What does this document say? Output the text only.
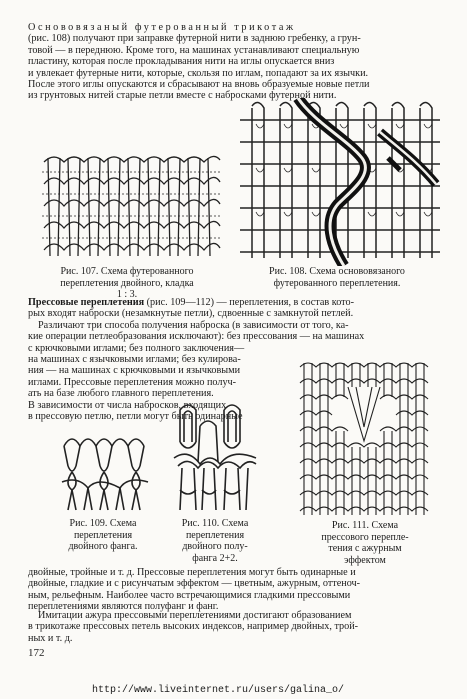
Основовязаный футерованный трикотаж
(рис. 108) получают при заправке футерной нити в заднюю гребенку, а грун-
товой — в переднюю. Кроме того, на машинах устанавливают специальную
пластину, которая после прокладывания нити на иглы опускается вниз
и увлекает футерные нити, которые, скользя по иглам, попадают за их язычки.
После этого иглы опускаются и сбрасывают на вновь образуемые новые петли
из грунтовых нитей старые петли вместе с набросками футерной нити.
Рис. 107. Схема футерованного
переплетения двойного, кладка
1 : 3.
Рис. 108. Схема основовязаного
футерованного переплетения.
Прессовые переплетения (рис. 109—112) — переплетения, в состав кото-
рых входят наброски (незамкнутые петли), сдвоенные с замкнутой петлей.
Различают три способа получения наброска (в зависимости от того, ка-
кие операции петлеобразования исключают): без прессования — на машинах
с крючковыми иглами; без полного заключения—
на машинах с язычковыми иглами; без кулирова-
ния — на машинах с крючковыми и язычковыми
иглами. Прессовые переплетения можно получ-
ать на базе любого главного переплетения.
В зависимости от числа набросков, входящих
в прессовую петлю, петли могут быть одинарные
Рис. 109. Схема
переплетения
двойного фанга.
Рис. 110. Схема
переплетения
двойного полу-
фанга 2+2.
Рис. 111. Схема
прессового перепле-
тения с ажурным
эффектом
двойные, тройные и т. д. Прессовые переплетения могут быть одинарные и
двойные, гладкие и с рисунчатым эффектом — цветным, ажурным, оттеноч-
ным, рельефным. Наиболее часто встречающимися гладкими прессовыми
переплетениями являются полуфанг и фанг.
Имитации ажура прессовыми переплетениями достигают образованием
в трикотаже прессовых петель высоких индексов, например двойных, трой-
ных и т. д.
172
http://www.liveinternet.ru/users/galina_o/
